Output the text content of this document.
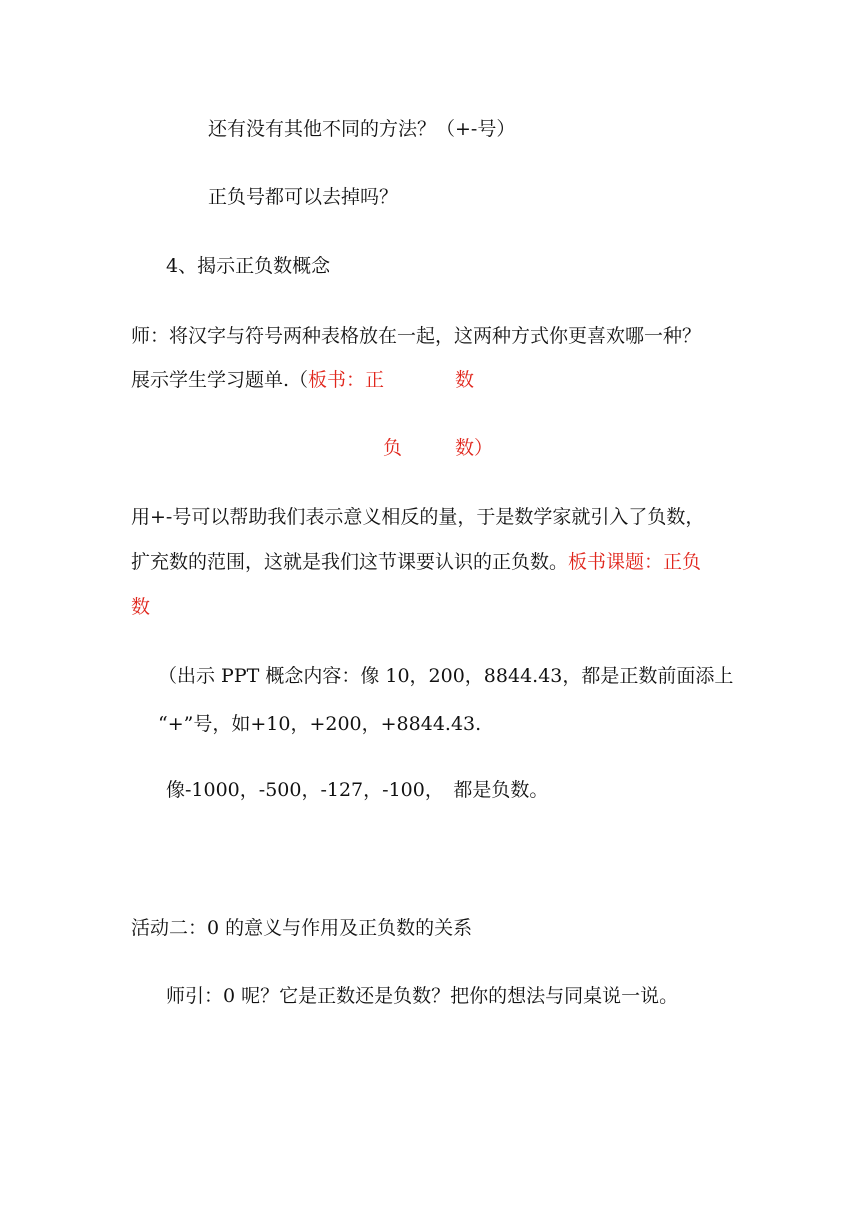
还有没有其他不同的方法？（+-号）
正负号都可以去掉吗？
4、揭示正负数概念
师：将汉字与符号两种表格放在一起，这两种方式你更喜欢哪一种？
展示学生学习题单.（板书：正	数
负	数）
用+-号可以帮助我们表示意义相反的量，于是数学家就引入了负数，
扩充数的范围，这就是我们这节课要认识的正负数。板书课题：正负
数
（出示 PPT 概念内容：像 10，200，8844.43，都是正数前面添上
“+”号，如+10，+200，+8844.43.
像-1000，-500，-127，-100，　都是负数。
活动二：0 的意义与作用及正负数的关系
师引：0 呢？它是正数还是负数？把你的想法与同桌说一说。
